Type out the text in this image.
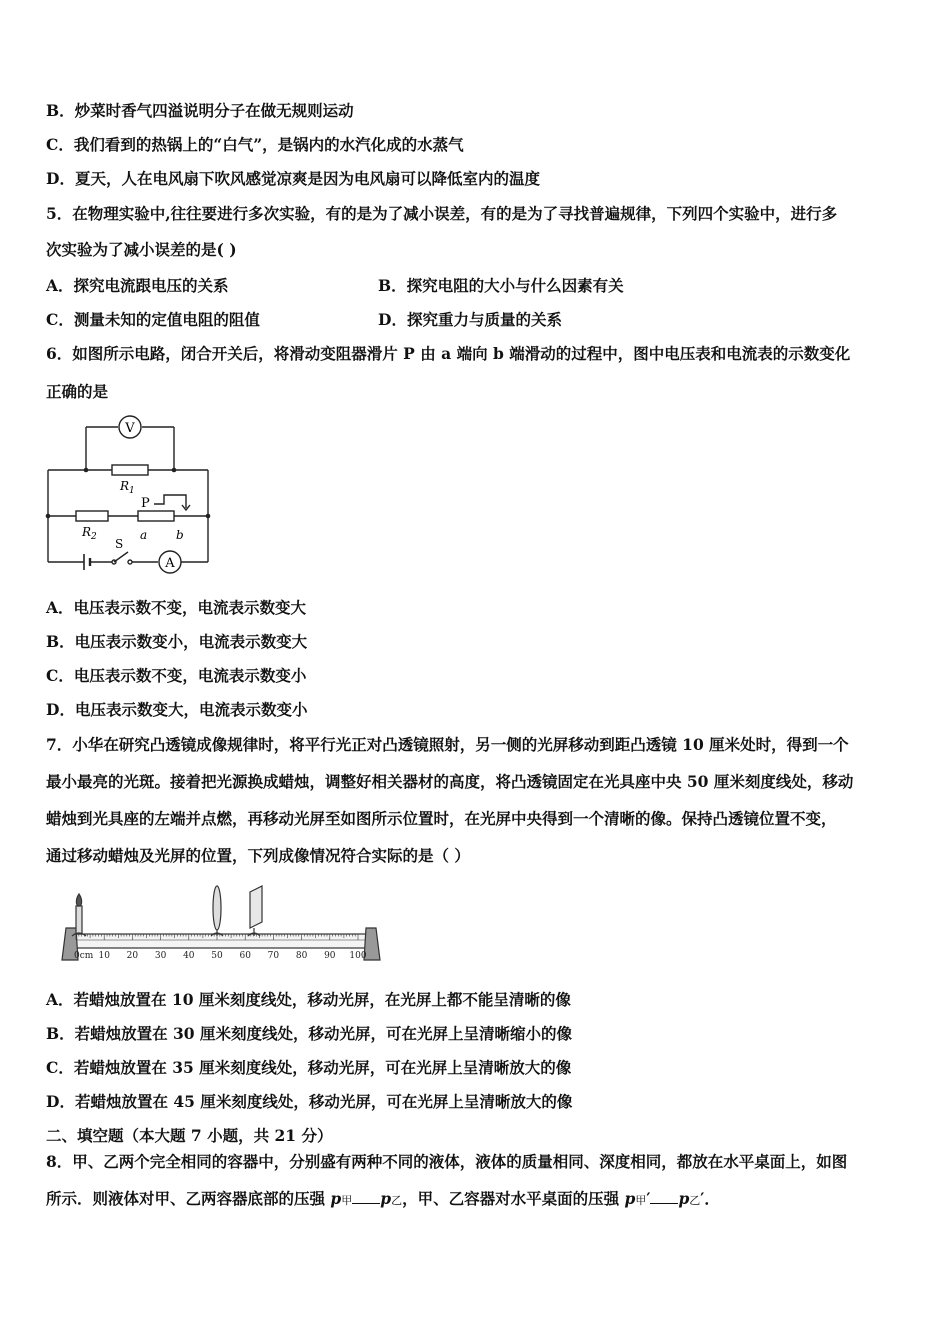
B．炒菜时香气四溢说明分子在做无规则运动
C．我们看到的热锅上的“白气”，是锅内的水汽化成的水蒸气
D．夏天，人在电风扇下吹风感觉凉爽是因为电风扇可以降低室内的温度
5．在物理实验中,往往要进行多次实验，有的是为了减小误差，有的是为了寻找普遍规律，下列四个实验中，进行多
次实验为了减小误差的是( )
A．探究电流跟电压的关系	B．探究电阻的大小与什么因素有关
C．测量未知的定值电阻的阻值	D．探究重力与质量的关系
6．如图所示电路，闭合开关后，将滑动变阻器滑片 P 由 a 端向 b 端滑动的过程中，图中电压表和电流表的示数变化
正确的是
V
A
$R_1$
$R_2$
P
S
a b
A．电压表示数不变，电流表示数变大
B．电压表示数变小，电流表示数变大
C．电压表示数不变，电流表示数变小
D．电压表示数变大，电流表示数变小
7．小华在研究凸透镜成像规律时，将平行光正对凸透镜照射，另一侧的光屏移动到距凸透镜 10 厘米处时，得到一个
最小最亮的光斑。接着把光源换成蜡烛，调整好相关器材的高度，将凸透镜固定在光具座中央 50 厘米刻度线处，移动
蜡烛到光具座的左端并点燃，再移动光屏至如图所示位置时，在光屏中央得到一个清晰的像。保持凸透镜位置不变，
通过移动蜡烛及光屏的位置，下列成像情况符合实际的是（ ）
0cm 10 20 30 40 50 60 70 80 90 100
A．若蜡烛放置在 10 厘米刻度线处，移动光屏，在光屏上都不能呈清晰的像
B．若蜡烛放置在 30 厘米刻度线处，移动光屏，可在光屏上呈清晰缩小的像
C．若蜡烛放置在 35 厘米刻度线处，移动光屏，可在光屏上呈清晰放大的像
D．若蜡烛放置在 45 厘米刻度线处，移动光屏，可在光屏上呈清晰放大的像
二、填空题（本大题 7 小题，共 21 分）
8．甲、乙两个完全相同的容器中，分别盛有两种不同的液体，液体的质量相同、深度相同，都放在水平桌面上，如图
所示．则液体对甲、乙两容器底部的压强 p甲 p乙，甲、乙容器对水平桌面的压强 p甲′ p乙′．
